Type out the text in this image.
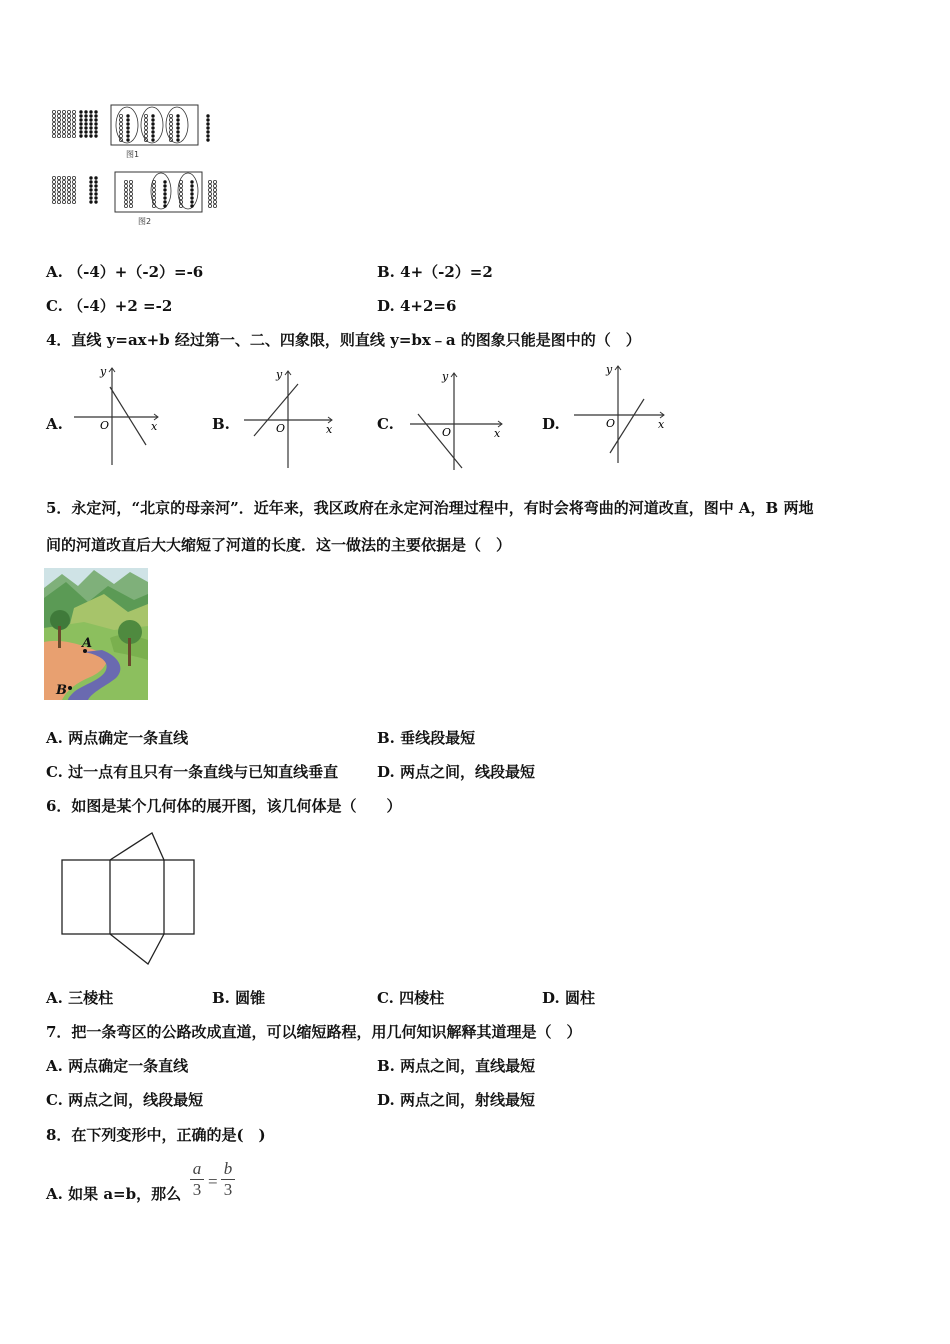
图1
图2
A. （-4）+（-2）=-6	B. 4+（-2）=2
C. （-4）+2 =-2	D. 4+2=6
4．直线 y=ax+b 经过第一、二、四象限，则直线 y=bx﹣a 的图象只能是图中的（　）
A.	B.	C.	D.
y
x
O
y
x
O
y
x
O
y
x
O
5．永定河，“北京的母亲河”．近年来，我区政府在永定河治理过程中，有时会将弯曲的河道改直，图中 A，B 两地
间的河道改直后大大缩短了河道的长度．这一做法的主要依据是（　）
A
B
A. 两点确定一条直线	B. 垂线段最短
C. 过一点有且只有一条直线与已知直线垂直	D. 两点之间，线段最短
6．如图是某个几何体的展开图，该几何体是（　　）
A. 三棱柱	B. 圆锥	C. 四棱柱	D. 圆柱
7．把一条弯区的公路改成直道，可以缩短路程，用几何知识解释其道理是（　）
A. 两点确定一条直线	B. 两点之间，直线最短
C. 两点之间，线段最短	D. 两点之间，射线最短
8．在下列变形中，正确的是(　)
A. 如果 a=b，那么
a
3 =
b
3
